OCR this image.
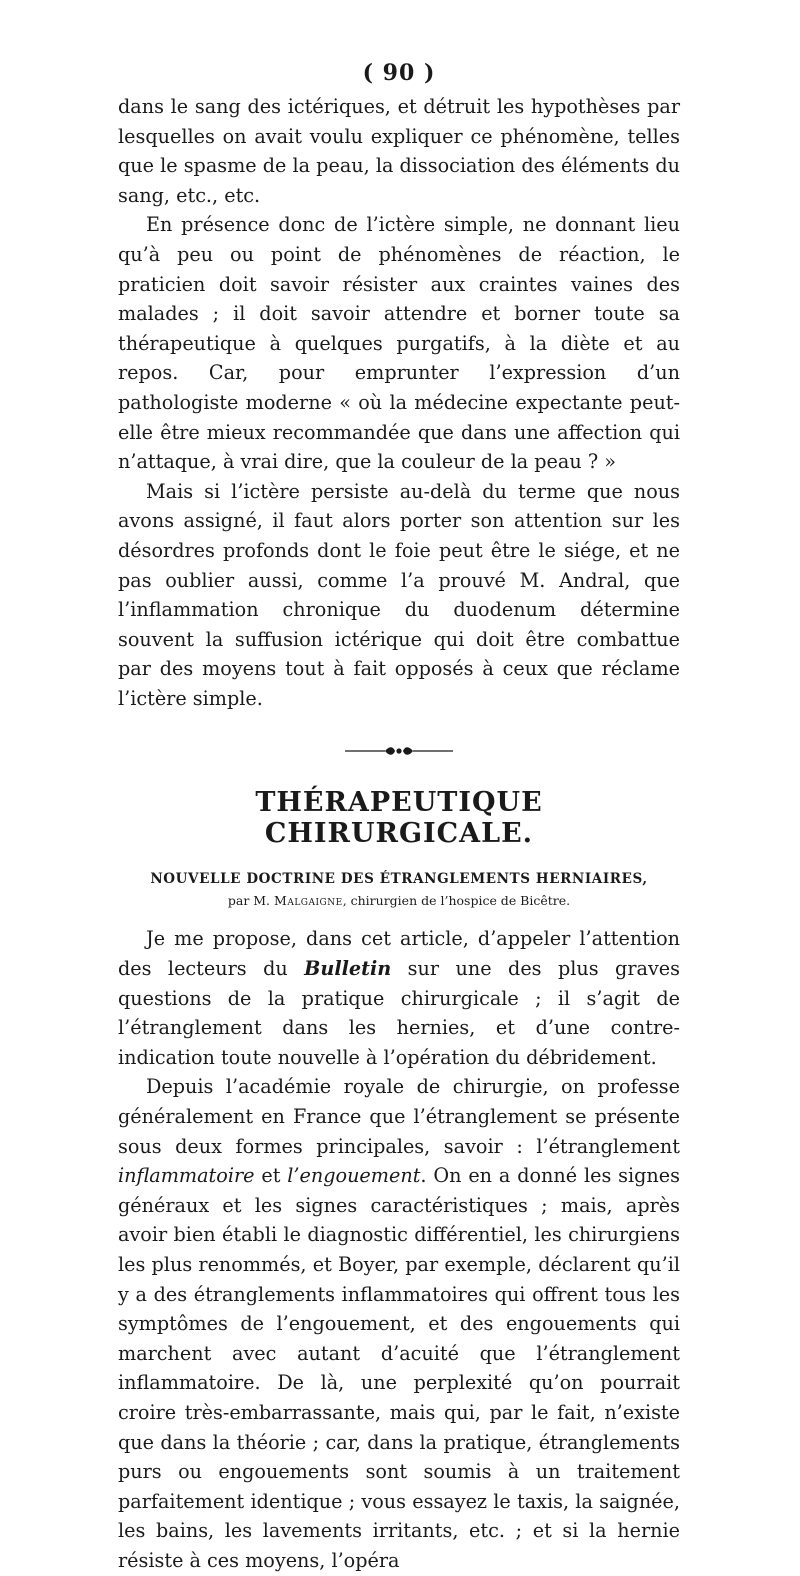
( 90 )

dans le sang des ictériques, et détruit les hypothèses par lesquelles on avait voulu expliquer ce phénomène, telles que le spasme de la peau, la dissociation des éléments du sang, etc., etc.

En présence donc de l’ictère simple, ne donnant lieu qu’à peu ou point de phénomènes de réaction, le praticien doit savoir résister aux craintes vaines des malades ; il doit savoir attendre et borner toute sa thérapeutique à quelques purgatifs, à la diète et au repos. Car, pour emprunter l’expression d’un pathologiste moderne « où la médecine expectante peut-elle être mieux recommandée que dans une affection qui n’attaque, à vrai dire, que la couleur de la peau ? »

Mais si l’ictère persiste au-delà du terme que nous avons assigné, il faut alors porter son attention sur les désordres profonds dont le foie peut être le siége, et ne pas oublier aussi, comme l’a prouvé M. Andral, que l’inflammation chronique du duodenum détermine souvent la suffusion ictérique qui doit être combattue par des moyens tout à fait opposés à ceux que réclame l’ictère simple.

THÉRAPEUTIQUE CHIRURGICALE.
NOUVELLE DOCTRINE DES ÉTRANGLEMENTS HERNIAIRES,
par M. Malgaigne, chirurgien de l’hospice de Bicêtre.

Je me propose, dans cet article, d’appeler l’attention des lecteurs du Bulletin sur une des plus graves questions de la pratique chirurgicale ; il s’agit de l’étranglement dans les hernies, et d’une contre-indication toute nouvelle à l’opération du débridement.

Depuis l’académie royale de chirurgie, on professe généralement en France que l’étranglement se présente sous deux formes principales, savoir : l’étranglement inflammatoire et l’engouement. On en a donné les signes généraux et les signes caractéristiques ; mais, après avoir bien établi le diagnostic différentiel, les chirurgiens les plus renommés, et Boyer, par exemple, déclarent qu’il y a des étranglements inflammatoires qui offrent tous les symptômes de l’engouement, et des engouements qui marchent avec autant d’acuité que l’étranglement inflammatoire. De là, une perplexité qu’on pourrait croire très-embarrassante, mais qui, par le fait, n’existe que dans la théorie ; car, dans la pratique, étranglements purs ou engouements sont soumis à un traitement parfaitement identique ; vous essayez le taxis, la saignée, les bains, les lavements irritants, etc. ; et si la hernie résiste à ces moyens, l’opéra
